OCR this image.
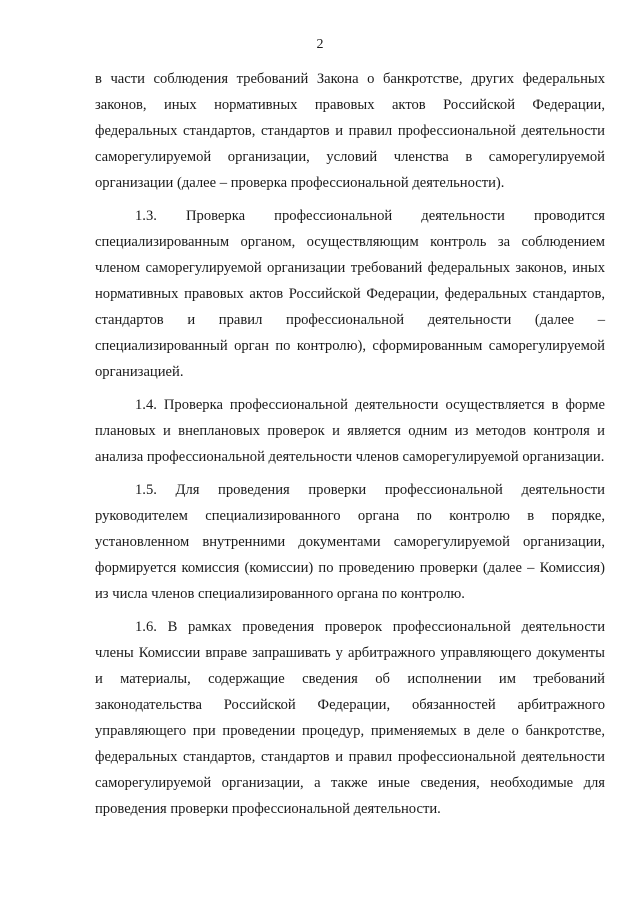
2

в части соблюдения требований Закона о банкротстве, других федеральных законов, иных нормативных правовых актов Российской Федерации, федеральных стандартов, стандартов и правил профессиональной деятельности саморегулируемой организации, условий членства в саморегулируемой организации (далее – проверка профессиональной деятельности).

1.3. Проверка профессиональной деятельности проводится специализированным органом, осуществляющим контроль за соблюдением членом саморегулируемой организации требований федеральных законов, иных нормативных правовых актов Российской Федерации, федеральных стандартов, стандартов и правил профессиональной деятельности (далее – специализированный орган по контролю), сформированным саморегулируемой организацией.

1.4. Проверка профессиональной деятельности осуществляется в форме плановых и внеплановых проверок и является одним из методов контроля и анализа профессиональной деятельности членов саморегулируемой организации.

1.5. Для проведения проверки профессиональной деятельности руководителем специализированного органа по контролю в порядке, установленном внутренними документами саморегулируемой организации, формируется комиссия (комиссии) по проведению проверки (далее – Комиссия) из числа членов специализированного органа по контролю.

1.6. В рамках проведения проверок профессиональной деятельности члены Комиссии вправе запрашивать у арбитражного управляющего документы и материалы, содержащие сведения об исполнении им требований законодательства Российской Федерации, обязанностей арбитражного управляющего при проведении процедур, применяемых в деле о банкротстве, федеральных стандартов, стандартов и правил профессиональной деятельности саморегулируемой организации, а также иные сведения, необходимые для проведения проверки профессиональной деятельности.
